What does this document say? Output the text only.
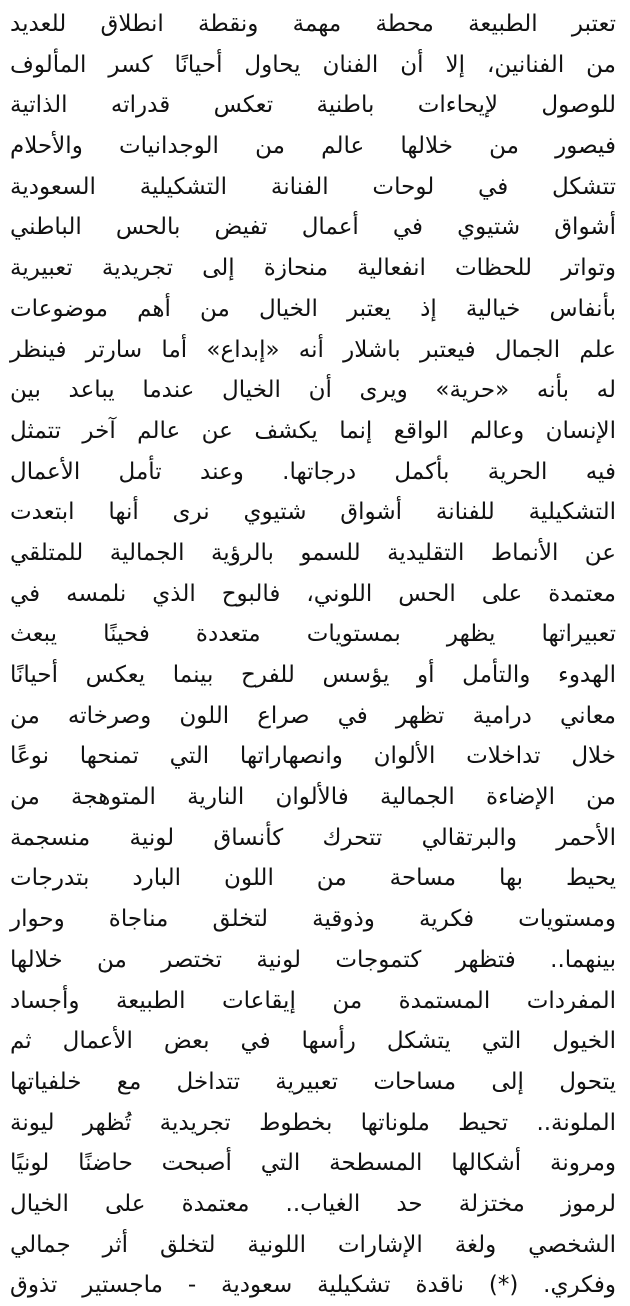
تعتبر الطبيعة محطة مهمة ونقطة انطلاق للعديد
من الفنانين، إلا أن الفنان يحاول أحيانًا كسر المألوف
للوصول لإيحاءات باطنية تعكس قدراته الذاتية
فيصور من خلالها عالم من الوجدانيات والأحلام
تتشكل في لوحات الفنانة التشكيلية السعودية
أشواق شتيوي في أعمال تفيض بالحس الباطني
وتواتر للحظات انفعالية منحازة إلى تجريدية تعبيرية
بأنفاس خيالية إذ يعتبر الخيال من أهم موضوعات
علم الجمال فيعتبر باشلار أنه «إبداع» أما سارتر فينظر
له بأنه «حرية» ويرى أن الخيال عندما يباعد بين
الإنسان وعالم الواقع إنما يكشف عن عالم آخر تتمثل
فيه الحرية بأكمل درجاتها. وعند تأمل الأعمال
التشكيلية للفنانة أشواق شتيوي نرى أنها ابتعدت
عن الأنماط التقليدية للسمو بالرؤية الجمالية للمتلقي
معتمدة على الحس اللوني، فالبوح الذي نلمسه في
تعبيراتها يظهر بمستويات متعددة فحينًا يبعث
الهدوء والتأمل أو يؤسس للفرح بينما يعكس أحيانًا
معاني درامية تظهر في صراع اللون وصرخاته من
خلال تداخلات الألوان وانصهاراتها التي تمنحها نوعًا
من الإضاءة الجمالية فالألوان النارية المتوهجة من
الأحمر والبرتقالي تتحرك كأنساق لونية منسجمة
يحيط بها مساحة من اللون البارد بتدرجات
ومستويات فكرية وذوقية لتخلق مناجاة وحوار
بينهما.. فتظهر كتموجات لونية تختصر من خلالها
المفردات المستمدة من إيقاعات الطبيعة وأجساد
الخيول التي يتشكل رأسها في بعض الأعمال ثم
يتحول إلى مساحات تعبيرية تتداخل مع خلفياتها
الملونة.. تحيط ملوناتها بخطوط تجريدية تُظهر ليونة
ومرونة أشكالها المسطحة التي أصبحت حاضنًا لونيًا
لرموز مختزلة حد الغياب.. معتمدة على الخيال
الشخصي ولغة الإشارات اللونية لتخلق أثر جمالي
وفكري. (*) ناقدة تشكيلية سعودية - ماجستير تذوق
